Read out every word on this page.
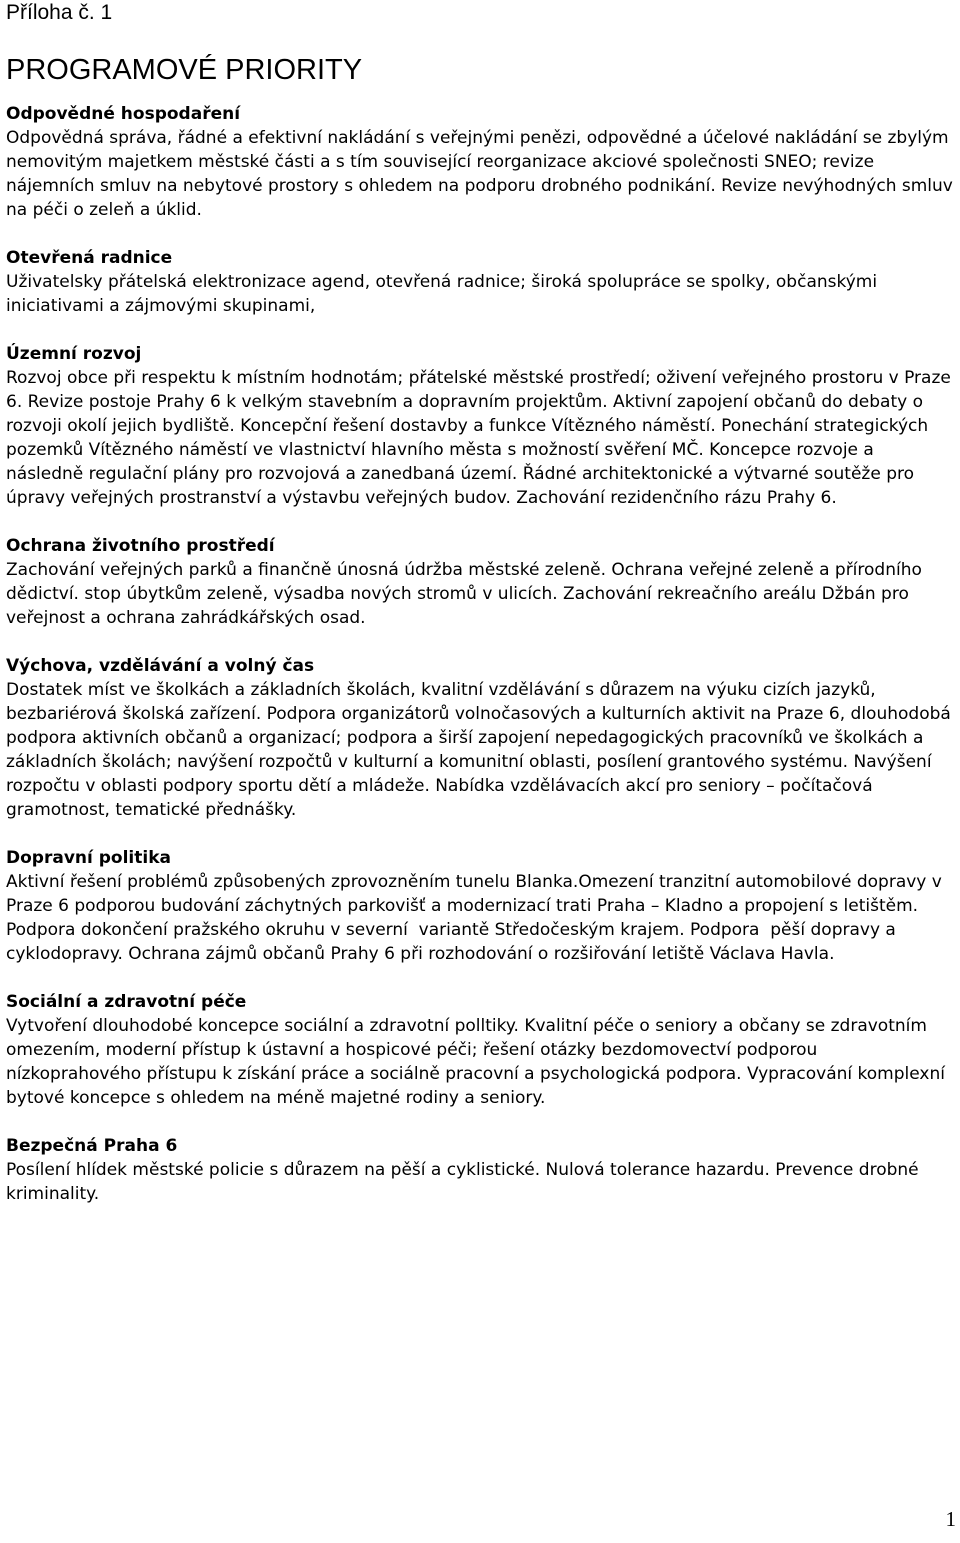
Příloha č. 1
PROGRAMOVÉ PRIORITY
Odpovědné hospodaření

Odpovědná správa, řádné a efektivní nakládání s veřejnými penězi, odpovědné a účelové nakládání se zbylým nemovitým majetkem městské části a s tím související reorganizace akciové společnosti SNEO; revize nájemních smluv na nebytové prostory s ohledem na podporu drobného podnikání. Revize nevýhodných smluv na péči o zeleň a úklid.

Otevřená radnice

Uživatelsky přátelská elektronizace agend, otevřená radnice; široká spolupráce se spolky, občanskými iniciativami a zájmovými skupinami,

Územní rozvoj

Rozvoj obce při respektu k místním hodnotám; přátelské městské prostředí; oživení veřejného prostoru v Praze 6. Revize postoje Prahy 6 k velkým stavebním a dopravním projektům. Aktivní zapojení občanů do debaty o rozvoji okolí jejich bydliště. Koncepční řešení dostavby a funkce Vítězného náměstí. Ponechání strategických pozemků Vítězného náměstí ve vlastnictví hlavního města s možností svěření MČ. Koncepce rozvoje a následně regulační plány pro rozvojová a zanedbaná území. Řádné architektonické a výtvarné soutěže pro úpravy veřejných prostranství a výstavbu veřejných budov. Zachování rezidenčního rázu Prahy 6.

Ochrana životního prostředí

Zachování veřejných parků a finančně únosná údržba městské zeleně. Ochrana veřejné zeleně a přírodního dědictví. stop úbytkům zeleně, výsadba nových stromů v ulicích. Zachování rekreačního areálu Džbán pro veřejnost a ochrana zahrádkářských osad.

Výchova, vzdělávání a volný čas

Dostatek míst ve školkách a základních školách, kvalitní vzdělávání s důrazem na výuku cizích jazyků, bezbariérová školská zařízení. Podpora organizátorů volnočasových a kulturních aktivit na Praze 6, dlouhodobá podpora aktivních občanů a organizací; podpora a širší zapojení nepedagogických pracovníků ve školkách a základních školách; navýšení rozpočtů v kulturní a komunitní oblasti, posílení grantového systému. Navýšení rozpočtu v oblasti podpory sportu dětí a mládeže. Nabídka vzdělávacích akcí pro seniory – počítačová gramotnost, tematické přednášky.

Dopravní politika

Aktivní řešení problémů způsobených zprovozněním tunelu Blanka.Omezení tranzitní automobilové dopravy v Praze 6 podporou budování záchytných parkovišť a modernizací trati Praha – Kladno a propojení s letištěm. Podpora dokončení pražského okruhu v severní  variantě Středočeským krajem. Podpora  pěší dopravy a cyklodopravy. Ochrana zájmů občanů Prahy 6 při rozhodování o rozšiřování letiště Václava Havla.

Sociální a zdravotní péče

Vytvoření dlouhodobé koncepce sociální a zdravotní polltiky. Kvalitní péče o seniory a občany se zdravotním omezením, moderní přístup k ústavní a hospicové péči; řešení otázky bezdomovectví podporou nízkoprahového přístupu k získání práce a sociálně pracovní a psychologická podpora. Vypracování komplexní bytové koncepce s ohledem na méně majetné rodiny a seniory.

Bezpečná Praha 6

Posílení hlídek městské policie s důrazem na pěší a cyklistické. Nulová tolerance hazardu. Prevence drobné kriminality.

1
